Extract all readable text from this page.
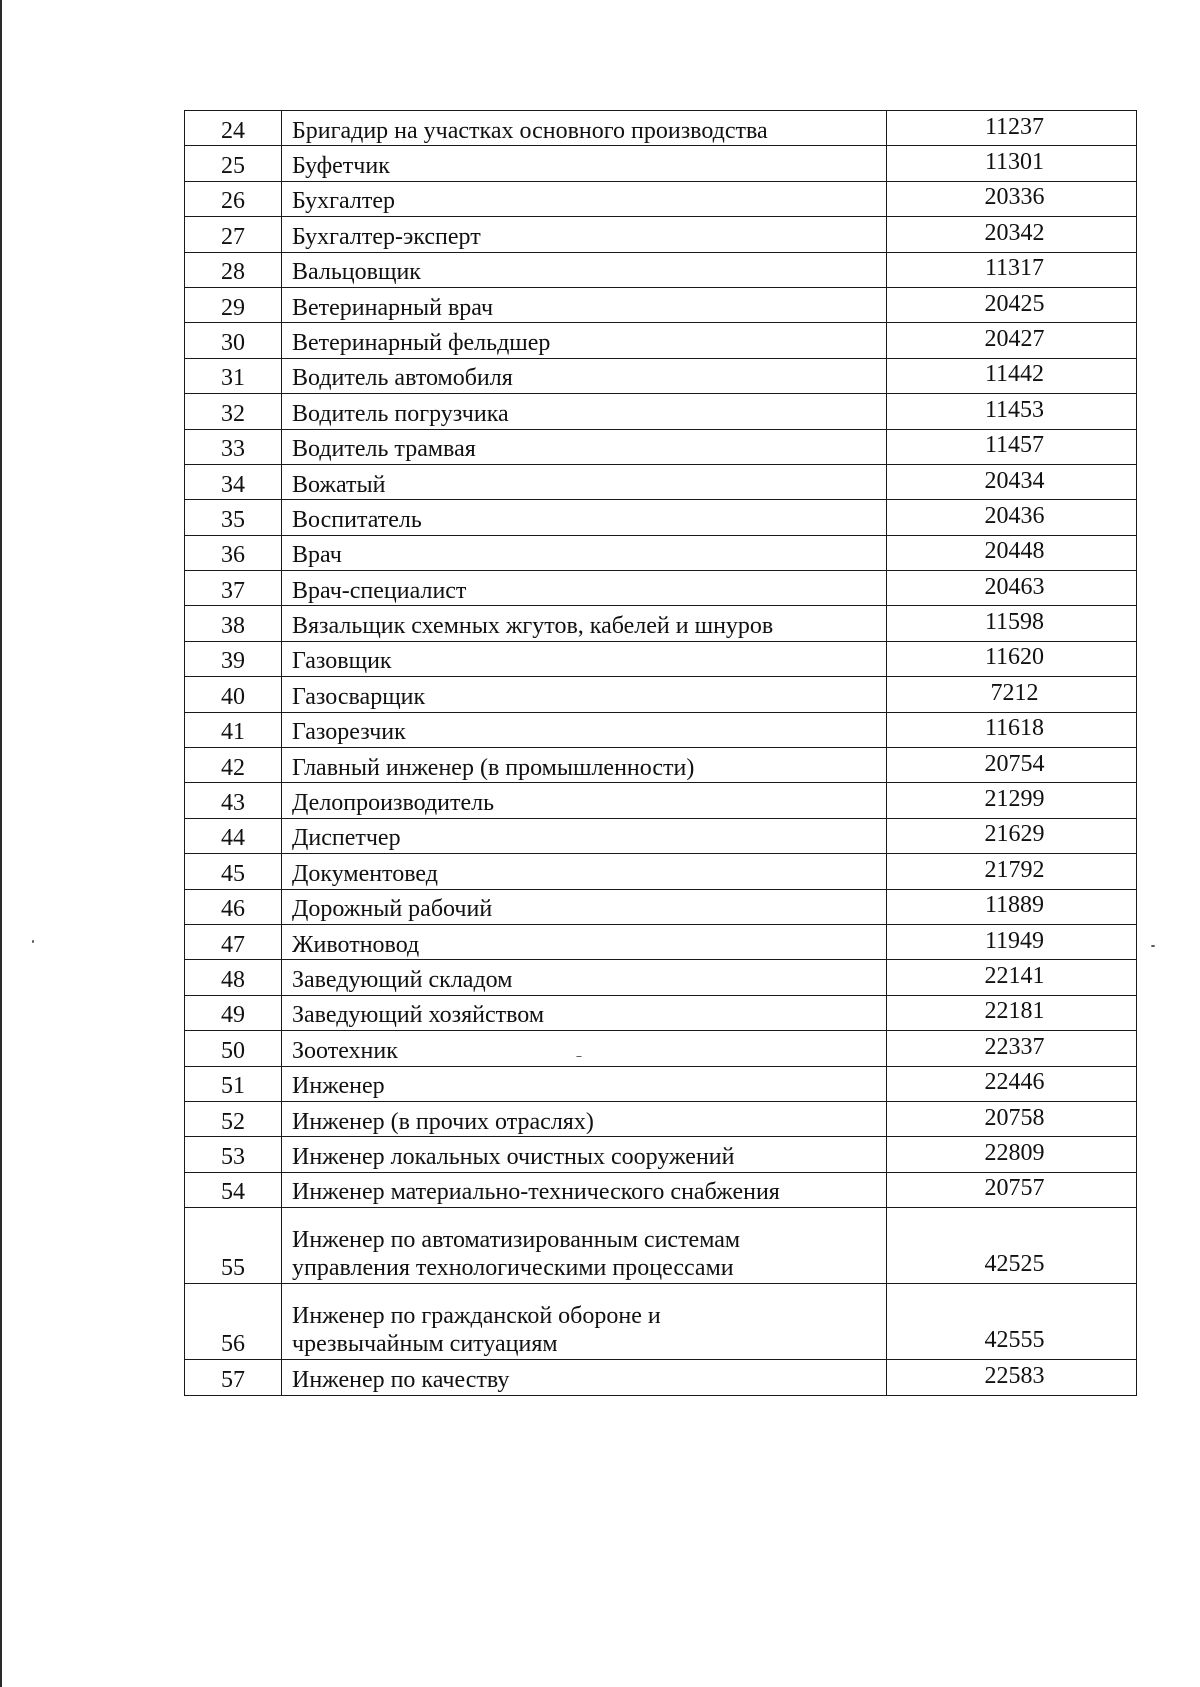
24	Бригадир на участках основного производства	11237
25	Буфетчик	11301
26	Бухгалтер	20336
27	Бухгалтер-эксперт	20342
28	Вальцовщик	11317
29	Ветеринарный врач	20425
30	Ветеринарный фельдшер	20427
31	Водитель автомобиля	11442
32	Водитель погрузчика	11453
33	Водитель трамвая	11457
34	Вожатый	20434
35	Воспитатель	20436
36	Врач	20448
37	Врач-специалист	20463
38	Вязальщик схемных жгутов, кабелей и шнуров	11598
39	Газовщик	11620
40	Газосварщик	7212
41	Газорезчик	11618
42	Главный инженер (в промышленности)	20754
43	Делопроизводитель	21299
44	Диспетчер	21629
45	Документовед	21792
46	Дорожный рабочий	11889
47	Животновод	11949
48	Заведующий складом	22141
49	Заведующий хозяйством	22181
50	Зоотехник	22337
51	Инженер	22446
52	Инженер (в прочих отраслях)	20758
53	Инженер локальных очистных сооружений	22809
54	Инженер материально-технического снабжения	20757
55	Инженер по автоматизированным системам
управления технологическими процессами	42525
56	Инженер по гражданской обороне и
чрезвычайным ситуациям	42555
57	Инженер по качеству	22583
